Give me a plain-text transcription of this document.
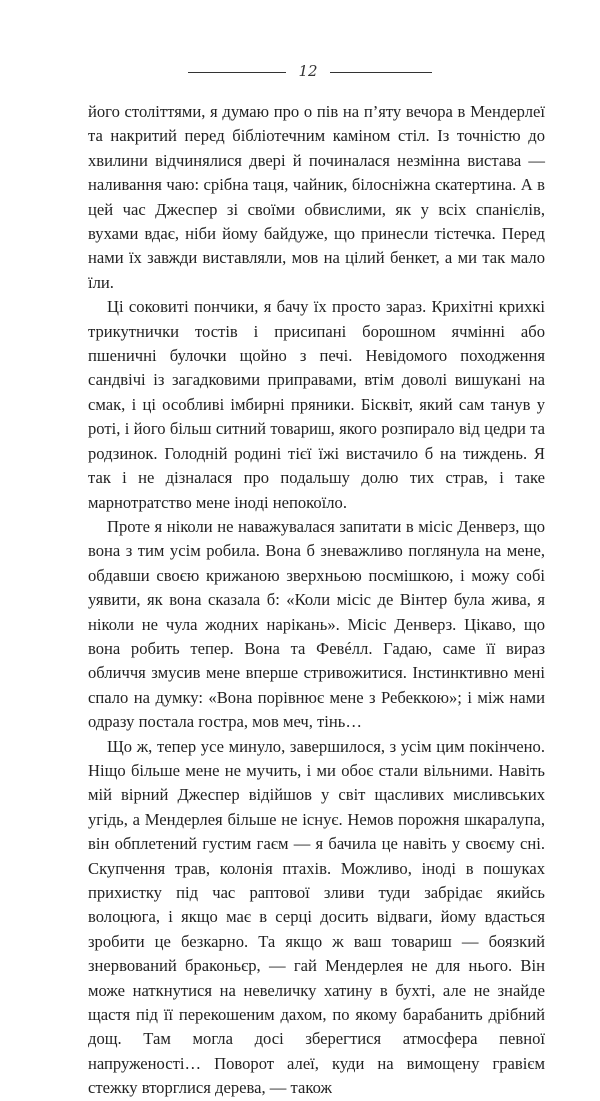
12

його століттями, я думаю про о пів на п’яту вечора в Мендерлеї та накритий перед бібліотечним каміном стіл. Із точністю до хвилини відчинялися двері й починалася незмінна вистава — наливання чаю: срібна таця, чайник, білосніжна скатертина. А в цей час Джеспер зі своїми обвислими, як у всіх спанієлів, вухами вдає, ніби йому байдуже, що принесли тістечка. Перед нами їх завжди виставляли, мов на цілий бенкет, а ми так мало їли.

Ці соковиті пончики, я бачу їх просто зараз. Крихітні крихкі трикутнички тостів і присипані борошном ячмінні або пшеничні булочки щойно з печі. Невідомого походження сандвічі із загадковими приправами, втім доволі вишукані на смак, і ці особливі імбирні пряники. Бісквіт, який сам танув у роті, і його більш ситний товариш, якого розпирало від цедри та родзинок. Голодній родині тієї їжі вистачило б на тиждень. Я так і не дізналася про подальшу долю тих страв, і таке марнотратство мене іноді непокоїло.

Проте я ніколи не наважувалася запитати в місіс Денверз, що вона з тим усім робила. Вона б зневажливо поглянула на мене, обдавши своєю крижаною зверхньою посмішкою, і можу собі уявити, як вона сказала б: «Коли місіс де Вінтер була жива, я ніколи не чула жодних нарікань». Місіс Денверз. Цікаво, що вона робить тепер. Вона та Февéлл. Гадаю, саме її вираз обличчя змусив мене вперше стривожитися. Інстинктивно мені спало на думку: «Вона порівнює мене з Ребеккою»; і між нами одразу постала гостра, мов меч, тінь…

Що ж, тепер усе минуло, завершилося, з усім цим покінчено. Ніщо більше мене не мучить, і ми обоє стали вільними. Навіть мій вірний Джеспер відійшов у світ щасливих мисливських угідь, а Мендерлея більше не існує. Немов порожня шкаралупа, він обплетений густим гаєм — я бачила це навіть у своєму сні. Скупчення трав, колонія птахів. Можливо, іноді в пошуках прихистку під час раптової зливи туди забрідає якийсь волоцюга, і якщо має в серці досить відваги, йому вдасться зробити це безкарно. Та якщо ж ваш товариш — боязкий знервований браконьєр, — гай Мендерлея не для нього. Він може наткнутися на невеличку хатину в бухті, але не знайде щастя під її перекошеним дахом, по якому барабанить дрібний дощ. Там могла досі зберегтися атмосфера певної напруженості… Поворот алеї, куди на вимощену гравієм стежку вторглися дерева, — також
